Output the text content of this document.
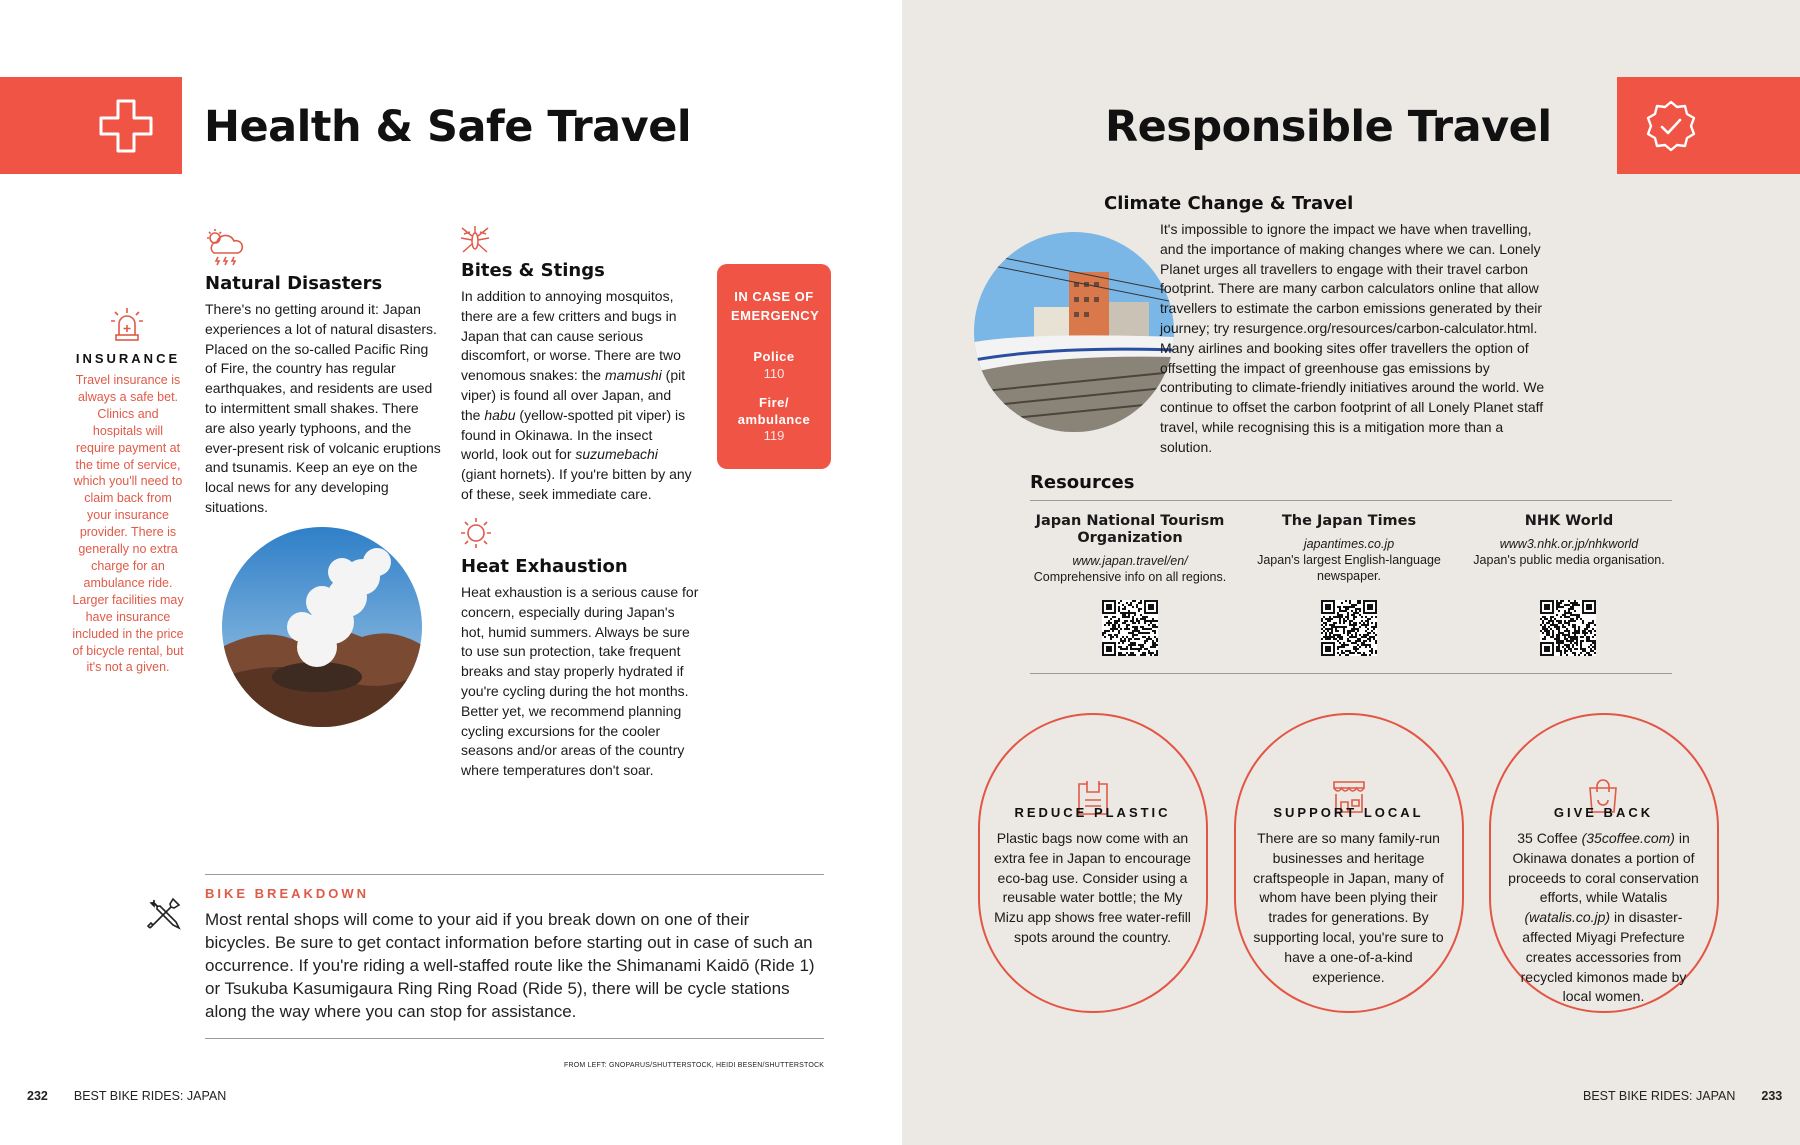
Health & Safe Travel
INSURANCE
Travel insurance is always a safe bet. Clinics and hospitals will require payment at the time of service, which you'll need to claim back from your insurance provider. There is generally no extra charge for an ambulance ride. Larger facilities may have insurance included in the price of bicycle rental, but it's not a given.
Natural Disasters
There's no getting around it: Japan experiences a lot of natural disasters. Placed on the so-called Pacific Ring of Fire, the country has regular earthquakes, and residents are used to intermittent small shakes. There are also yearly typhoons, and the ever-present risk of volcanic eruptions and tsunamis. Keep an eye on the local news for any developing situations.
Bites & Stings
In addition to annoying mosquitos, there are a few critters and bugs in Japan that can cause serious discomfort, or worse. There are two venomous snakes: the mamushi (pit viper) is found all over Japan, and the habu (yellow-spotted pit viper) is found in Okinawa. In the insect world, look out for suzumebachi (giant hornets). If you're bitten by any of these, seek immediate care.
IN CASE OF EMERGENCY
Police
110
Fire/ ambulance
119
Heat Exhaustion
Heat exhaustion is a serious cause for concern, especially during Japan's hot, humid summers. Always be sure to use sun protection, take frequent breaks and stay properly hydrated if you're cycling during the hot months. Better yet, we recommend planning cycling excursions for the cooler seasons and/or areas of the country where temperatures don't soar.
BIKE BREAKDOWN
Most rental shops will come to your aid if you break down on one of their bicycles. Be sure to get contact information before starting out in case of such an occurrence. If you're riding a well-staffed route like the Shimanami Kaidō (Ride 1) or Tsukuba Kasumigaura Ring Ring Road (Ride 5), there will be cycle stations along the way where you can stop for assistance.
FROM LEFT: GNOPARUS/SHUTTERSTOCK, HEIDI BESEN/SHUTTERSTOCK
232 BEST BIKE RIDES: JAPAN
Responsible Travel
Climate Change & Travel
It's impossible to ignore the impact we have when travelling, and the importance of making changes where we can. Lonely Planet urges all travellers to engage with their travel carbon footprint. There are many carbon calculators online that allow travellers to estimate the carbon emissions generated by their journey; try resurgence.org/resources/carbon-calculator.html. Many airlines and booking sites offer travellers the option of offsetting the impact of greenhouse gas emissions by contributing to climate-friendly initiatives around the world. We continue to offset the carbon footprint of all Lonely Planet staff travel, while recognising this is a mitigation more than a solution.
Resources
Japan National Tourism Organization
www.japan.travel/en/
Comprehensive info on all regions.
The Japan Times
japantimes.co.jp
Japan's largest English-language newspaper.
NHK World
www3.nhk.or.jp/nhkworld
Japan's public media organisation.
REDUCE PLASTIC
Plastic bags now come with an extra fee in Japan to encourage eco-bag use. Consider using a reusable water bottle; the My Mizu app shows free water-refill spots around the country.
SUPPORT LOCAL
There are so many family-run businesses and heritage craftspeople in Japan, many of whom have been plying their trades for generations. By supporting local, you're sure to have a one-of-a-kind experience.
GIVE BACK
35 Coffee (35coffee.com) in Okinawa donates a portion of proceeds to coral conservation efforts, while Watalis (watalis.co.jp) in disaster-affected Miyagi Prefecture creates accessories from recycled kimonos made by local women.
BEST BIKE RIDES: JAPAN 233
